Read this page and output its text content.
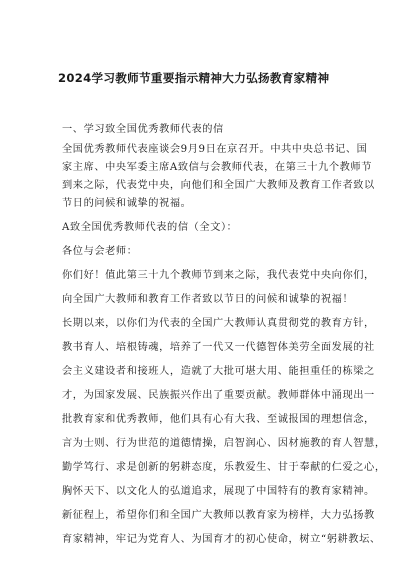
2024学习教师节重要指示精神大力弘扬教育家精神
一、学习致全国优秀教师代表的信
全国优秀教师代表座谈会9月9日在京召开。中共中央总书记、国
家主席、中央军委主席A致信与会教师代表，在第三十九个教师节
到来之际，代表党中央，向他们和全国广大教师及教育工作者致以
节日的问候和诚挚的祝福。
A致全国优秀教师代表的信（全文）：
各位与会老师：
你们好！值此第三十九个教师节到来之际，我代表党中央向你们，
向全国广大教师和教育工作者致以节日的问候和诚挚的祝福！
长期以来，以你们为代表的全国广大教师认真贯彻党的教育方针，
教书育人、培根铸魂，培养了一代又一代德智体美劳全面发展的社
会主义建设者和接班人，造就了大批可堪大用、能担重任的栋梁之
才，为国家发展、民族振兴作出了重要贡献。教师群体中涌现出一
批教育家和优秀教师，他们具有心有大我、至诚报国的理想信念，
言为士则、行为世范的道德情操，启智润心、因材施教的育人智慧，
勤学笃行、求是创新的躬耕态度，乐教爱生、甘于奉献的仁爱之心，
胸怀天下、以文化人的弘道追求，展现了中国特有的教育家精神。
新征程上，希望你们和全国广大教师以教育家为榜样，大力弘扬教
育家精神，牢记为党育人、为国育才的初心使命，树立“躬耕教坛、
